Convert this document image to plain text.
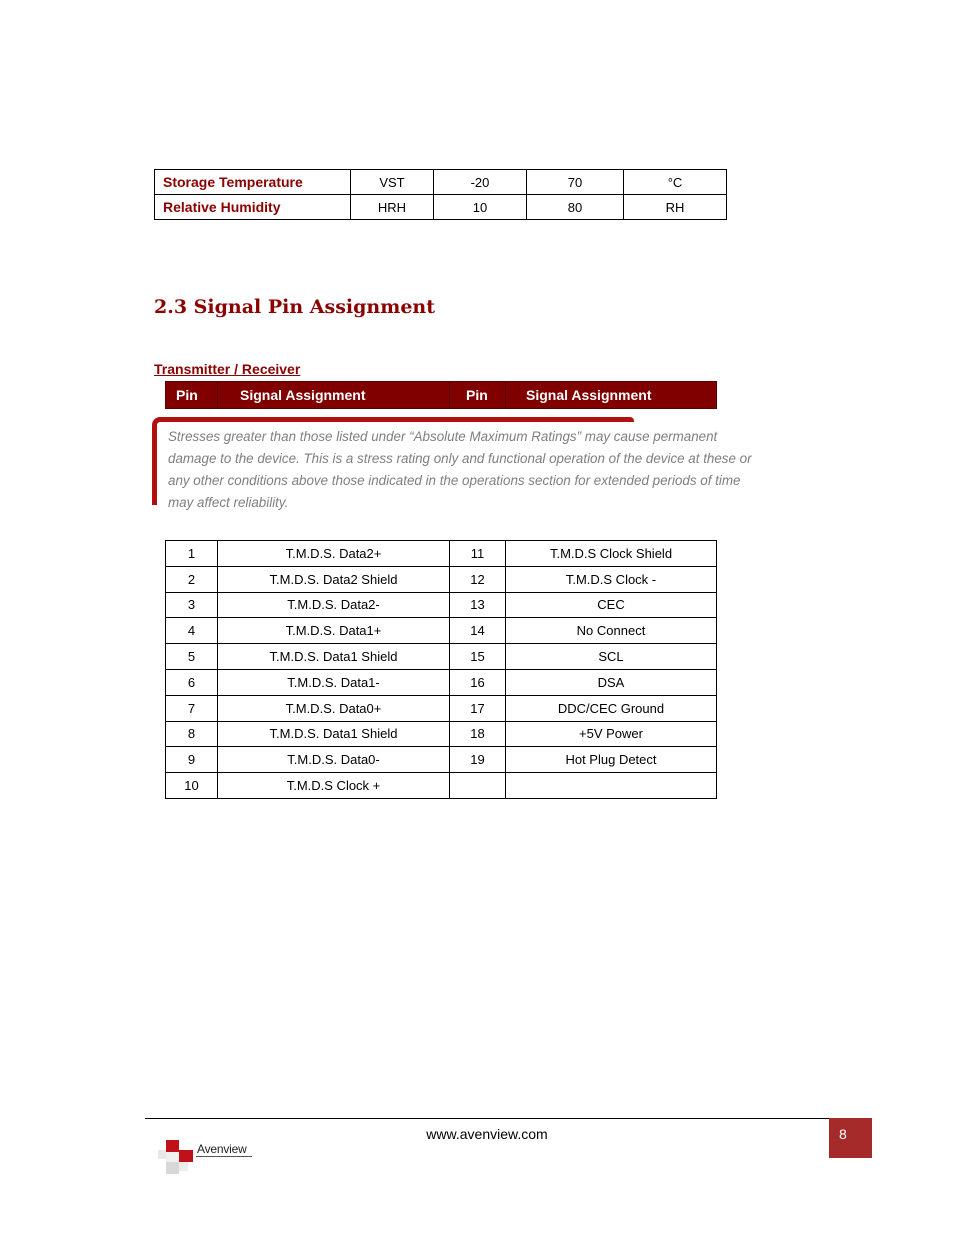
Storage Temperature	VST	-20	70	°C
Relative Humidity	HRH	10	80	RH
2.3 Signal Pin Assignment
Transmitter / Receiver
Pin	Signal Assignment	Pin	Signal Assignment

Stresses greater than those listed under “Absolute Maximum Ratings” may cause permanent damage to the device. This is a stress rating only and functional operation of the device at these or any other conditions above those indicated in the operations section for extended periods of time may affect reliability.

1	T.M.D.S. Data2+	11	T.M.D.S Clock Shield
2	T.M.D.S. Data2 Shield	12	T.M.D.S Clock -
3	T.M.D.S. Data2-	13	CEC
4	T.M.D.S. Data1+	14	No Connect
5	T.M.D.S. Data1 Shield	15	SCL
6	T.M.D.S. Data1-	16	DSA
7	T.M.D.S. Data0+	17	DDC/CEC Ground
8	T.M.D.S. Data1 Shield	18	+5V Power
9	T.M.D.S. Data0-	19	Hot Plug Detect
10	T.M.D.S Clock +		
www.avenview.com	8
Avenview
